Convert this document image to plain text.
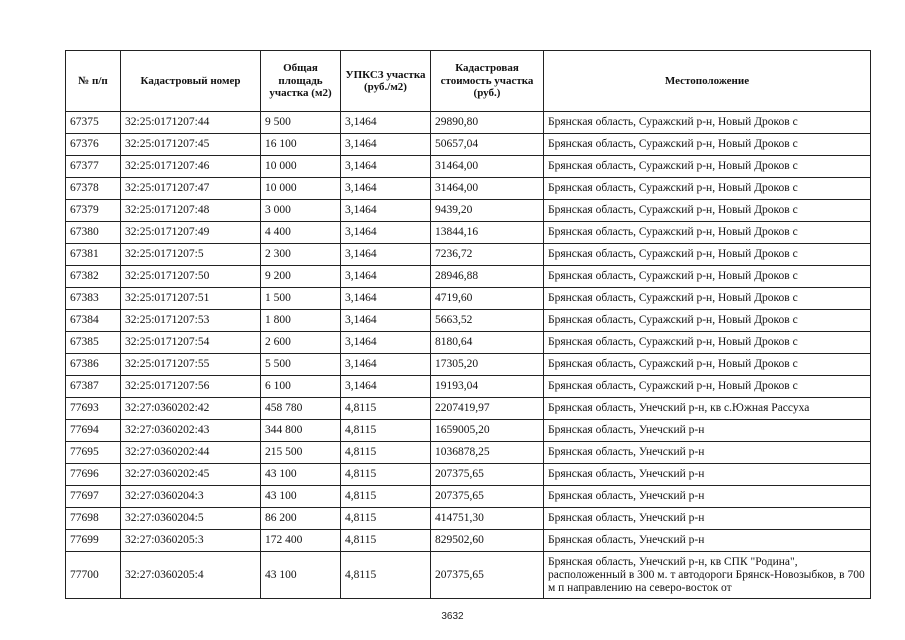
№ п/п	Кадастровый номер	Общая площадь участка (м2)	УПКСЗ участка (руб./м2)	Кадастровая стоимость участка (руб.)	Местоположение
67375	32:25:0171207:44	9 500	3,1464	29890,80	Брянская область, Суражский р-н, Новый Дроков с
67376	32:25:0171207:45	16 100	3,1464	50657,04	Брянская область, Суражский р-н, Новый Дроков с
67377	32:25:0171207:46	10 000	3,1464	31464,00	Брянская область, Суражский р-н, Новый Дроков с
67378	32:25:0171207:47	10 000	3,1464	31464,00	Брянская область, Суражский р-н, Новый Дроков с
67379	32:25:0171207:48	3 000	3,1464	9439,20	Брянская область, Суражский р-н, Новый Дроков с
67380	32:25:0171207:49	4 400	3,1464	13844,16	Брянская область, Суражский р-н, Новый Дроков с
67381	32:25:0171207:5	2 300	3,1464	7236,72	Брянская область, Суражский р-н, Новый Дроков с
67382	32:25:0171207:50	9 200	3,1464	28946,88	Брянская область, Суражский р-н, Новый Дроков с
67383	32:25:0171207:51	1 500	3,1464	4719,60	Брянская область, Суражский р-н, Новый Дроков с
67384	32:25:0171207:53	1 800	3,1464	5663,52	Брянская область, Суражский р-н, Новый Дроков с
67385	32:25:0171207:54	2 600	3,1464	8180,64	Брянская область, Суражский р-н, Новый Дроков с
67386	32:25:0171207:55	5 500	3,1464	17305,20	Брянская область, Суражский р-н, Новый Дроков с
67387	32:25:0171207:56	6 100	3,1464	19193,04	Брянская область, Суражский р-н, Новый Дроков с
77693	32:27:0360202:42	458 780	4,8115	2207419,97	Брянская область, Унечский р-н, кв с.Южная Рассуха
77694	32:27:0360202:43	344 800	4,8115	1659005,20	Брянская область, Унечский р-н
77695	32:27:0360202:44	215 500	4,8115	1036878,25	Брянская область, Унечский р-н
77696	32:27:0360202:45	43 100	4,8115	207375,65	Брянская область, Унечский р-н
77697	32:27:0360204:3	43 100	4,8115	207375,65	Брянская область, Унечский р-н
77698	32:27:0360204:5	86 200	4,8115	414751,30	Брянская область, Унечский р-н
77699	32:27:0360205:3	172 400	4,8115	829502,60	Брянская область, Унечский р-н
77700	32:27:0360205:4	43 100	4,8115	207375,65	Брянская область, Унечский р-н, кв СПК "Родина", расположенный в 300 м. т автодороги Брянск-Новозыбков, в 700 м п направлению на северо-восток от
3632
